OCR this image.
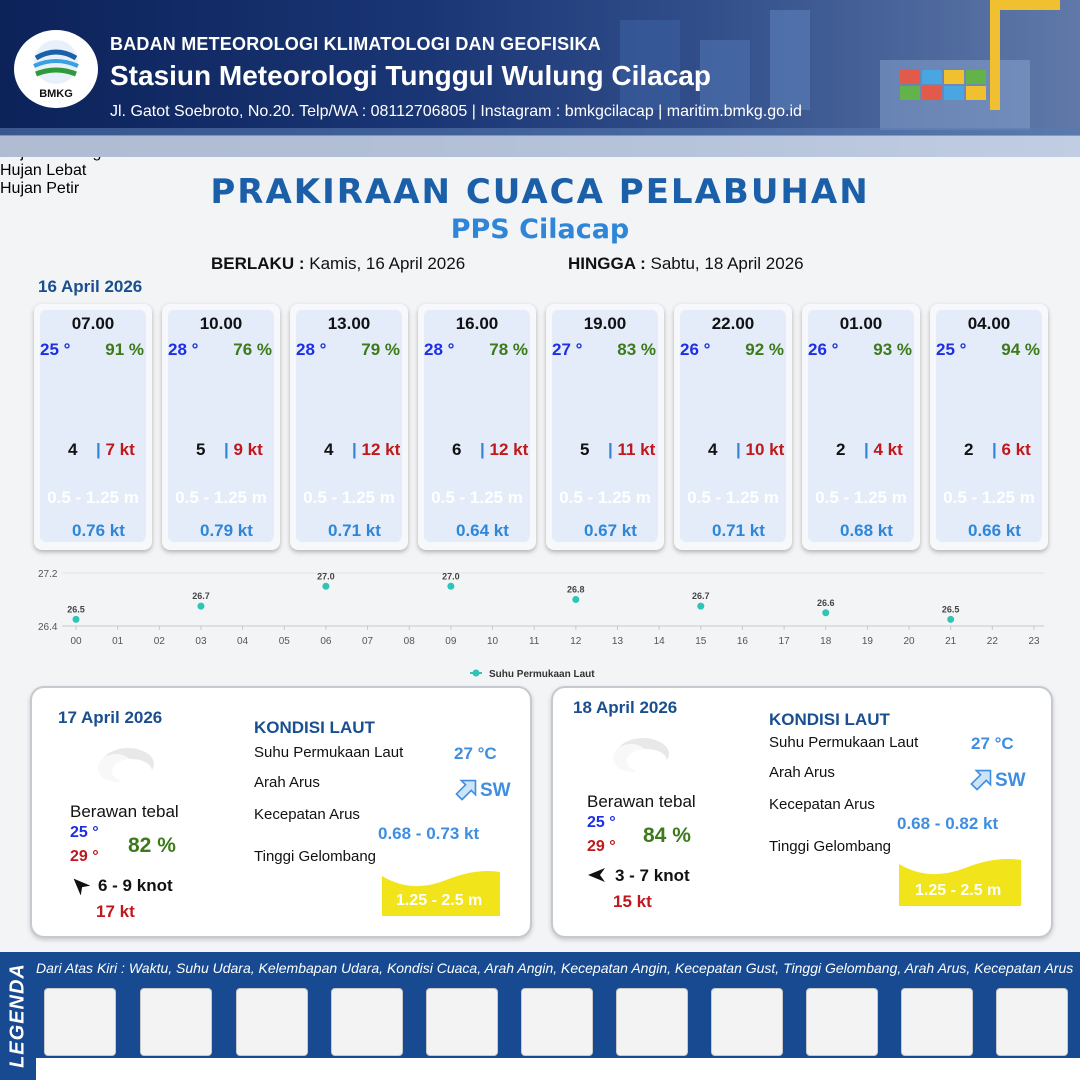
BMKG
BADAN METEOROLOGI KLIMATOLOGI DAN GEOFISIKA
Stasiun Meteorologi Tunggul Wulung Cilacap
Jl. Gatot Soebroto, No.20. Telp/WA : 08112706805 | Instagram : bmkgcilacap | maritim.bmkg.go.id
PRAKIRAAN CUACA PELABUHAN
PPS Cilacap
BERLAKU : Kamis, 16 April 2026	HINGGA : Sabtu, 18 April 2026
16 April 2026
07.00
25 ° 91 %
4 | 7 kt
0.5 - 1.25 m
0.76 kt
10.00
28 ° 76 %
5 | 9 kt
0.5 - 1.25 m
0.79 kt
13.00
28 ° 79 %
4 | 12 kt
0.5 - 1.25 m
0.71 kt
16.00
28 ° 78 %
6 | 12 kt
0.5 - 1.25 m
0.64 kt
19.00
27 ° 83 %
5 | 11 kt
0.5 - 1.25 m
0.67 kt
22.00
26 ° 92 %
4 | 10 kt
0.5 - 1.25 m
0.71 kt
01.00
26 ° 93 %
2 | 4 kt
0.5 - 1.25 m
0.68 kt
04.00
25 ° 94 %
2 | 6 kt
0.5 - 1.25 m
0.66 kt
27.2
26.4
00	01	02	03	04	05	06	07	08	09	10	11	12	13	14	15	16	17	18	19	20	21	22	23
26.5
26.7
27.0	27.0
26.8
26.7
26.6
26.5
Suhu Permukaan Laut
17 April 2026
Berawan tebal
25 °
29 ° 82 %
6 - 9 knot
17 kt
KONDISI LAUT
Suhu Permukaan Laut	27 °C
Arah Arus	SW
Kecepatan Arus
0.68 - 0.73 kt
Tinggi Gelombang
1.25 - 2.5 m
18 April 2026
Berawan tebal
25 °
29 ° 84 %
3 - 7 knot
15 kt
KONDISI LAUT
Suhu Permukaan Laut	27 °C
Arah Arus	SW
Kecepatan Arus
0.68 - 0.82 kt
Tinggi Gelombang
1.25 - 2.5 m
LEGENDA Dari Atas Kiri : Waktu, Suhu Udara, Kelembapan Udara, Kondisi Cuaca, Arah Angin, Kecepatan Angin, Kecepatan Gust, Tinggi Gelombang, Arah Arus, Kecepatan Arus
Hujan Lebat
Hujan Petir
